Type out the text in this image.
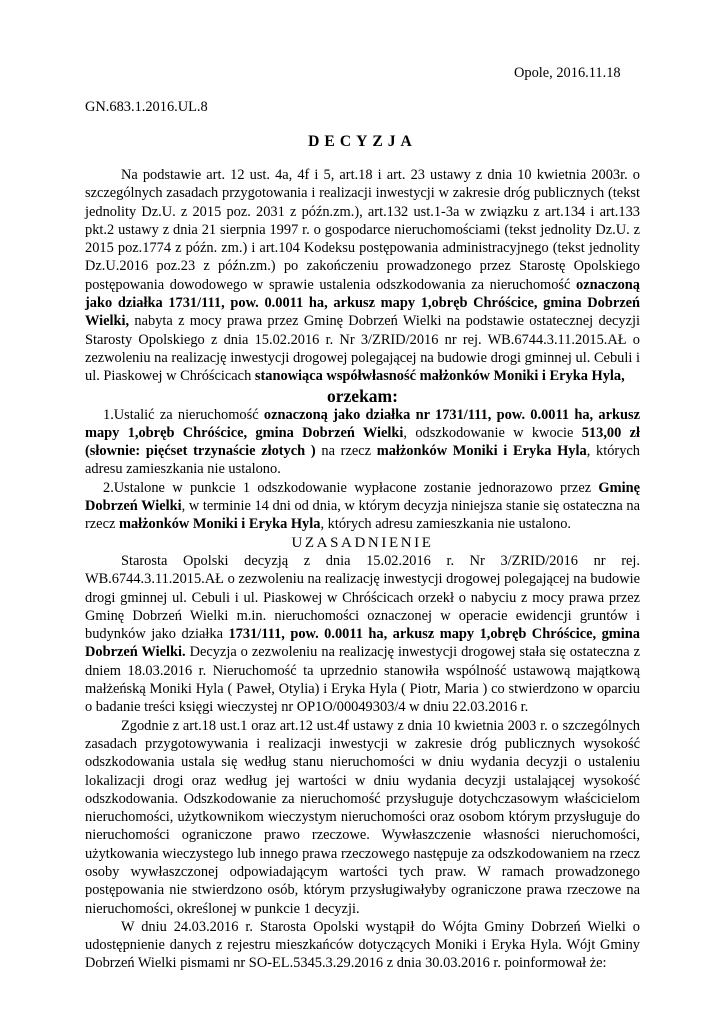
Opole, 2016.11.18
GN.683.1.2016.UL.8
DECYZJA

Na podstawie art. 12 ust. 4a, 4f i 5, art.18 i art. 23 ustawy z dnia 10 kwietnia 2003r. o szczególnych zasadach przygotowania i realizacji inwestycji w zakresie dróg publicznych (tekst jednolity Dz.U. z 2015 poz. 2031 z późn.zm.), art.132 ust.1-3a w związku z art.134 i art.133 pkt.2 ustawy z dnia 21 sierpnia 1997 r. o gospodarce nieruchomościami (tekst jednolity Dz.U. z 2015 poz.1774 z późn. zm.) i art.104 Kodeksu postępowania administracyjnego (tekst jednolity Dz.U.2016 poz.23 z późn.zm.) po zakończeniu prowadzonego przez Starostę Opolskiego postępowania dowodowego w sprawie ustalenia odszkodowania za nieruchomość oznaczoną jako działka 1731/111, pow. 0.0011 ha, arkusz mapy 1,obręb Chróścice, gmina Dobrzeń Wielki, nabyta z mocy prawa przez Gminę Dobrzeń Wielki na podstawie ostatecznej decyzji Starosty Opolskiego z dnia 15.02.2016 r. Nr 3/ZRID/2016 nr rej. WB.6744.3.11.2015.AŁ o zezwoleniu na realizację inwestycji drogowej polegającej na budowie drogi gminnej ul. Cebuli i ul. Piaskowej w Chróścicach stanowiąca współwłasność małżonków Moniki i Eryka Hyla,

orzekam:

1.Ustalić za nieruchomość oznaczoną jako działka nr 1731/111, pow. 0.0011 ha, arkusz mapy 1,obręb Chróścice, gmina Dobrzeń Wielki, odszkodowanie w kwocie 513,00 zł (słownie: pięćset trzynaście złotych ) na rzecz małżonków Moniki i Eryka Hyla, których adresu zamieszkania nie ustalono.

2.Ustalone w punkcie 1 odszkodowanie wypłacone zostanie jednorazowo przez Gminę Dobrzeń Wielki, w terminie 14 dni od dnia, w którym decyzja niniejsza stanie się ostateczna na rzecz małżonków Moniki i Eryka Hyla, których adresu zamieszkania nie ustalono.

UZASADNIENIE

Starosta Opolski decyzją z dnia 15.02.2016 r. Nr 3/ZRID/2016 nr rej. WB.6744.3.11.2015.AŁ o zezwoleniu na realizację inwestycji drogowej polegającej na budowie drogi gminnej ul. Cebuli i ul. Piaskowej w Chróścicach orzekł o nabyciu z mocy prawa przez Gminę Dobrzeń Wielki m.in. nieruchomości oznaczonej w operacie ewidencji gruntów i budynków jako działka 1731/111, pow. 0.0011 ha, arkusz mapy 1,obręb Chróścice, gmina Dobrzeń Wielki. Decyzja o zezwoleniu na realizację inwestycji drogowej stała się ostateczna z dniem 18.03.2016 r. Nieruchomość ta uprzednio stanowiła wspólność ustawową majątkową małżeńską Moniki Hyla ( Paweł, Otylia) i Eryka Hyla ( Piotr, Maria ) co stwierdzono w oparciu o badanie treści księgi wieczystej nr OP1O/00049303/4 w dniu 22.03.2016 r.

Zgodnie z art.18 ust.1 oraz art.12 ust.4f ustawy z dnia 10 kwietnia 2003 r. o szczególnych zasadach przygotowywania i realizacji inwestycji w zakresie dróg publicznych wysokość odszkodowania ustala się według stanu nieruchomości w dniu wydania decyzji o ustaleniu lokalizacji drogi oraz według jej wartości w dniu wydania decyzji ustalającej wysokość odszkodowania. Odszkodowanie za nieruchomość przysługuje dotychczasowym właścicielom nieruchomości, użytkownikom wieczystym nieruchomości oraz osobom którym przysługuje do nieruchomości ograniczone prawo rzeczowe. Wywłaszczenie własności nieruchomości, użytkowania wieczystego lub innego prawa rzeczowego następuje za odszkodowaniem na rzecz osoby wywłaszczonej odpowiadającym wartości tych praw. W ramach prowadzonego postępowania nie stwierdzono osób, którym przysługiwałyby ograniczone prawa rzeczowe na nieruchomości, określonej w punkcie 1 decyzji.

W dniu 24.03.2016 r. Starosta Opolski wystąpił do Wójta Gminy Dobrzeń Wielki o udostępnienie danych z rejestru mieszkańców dotyczących Moniki i Eryka Hyla. Wójt Gminy Dobrzeń Wielki pismami nr SO-EL.5345.3.29.2016 z dnia 30.03.2016 r. poinformował że:
